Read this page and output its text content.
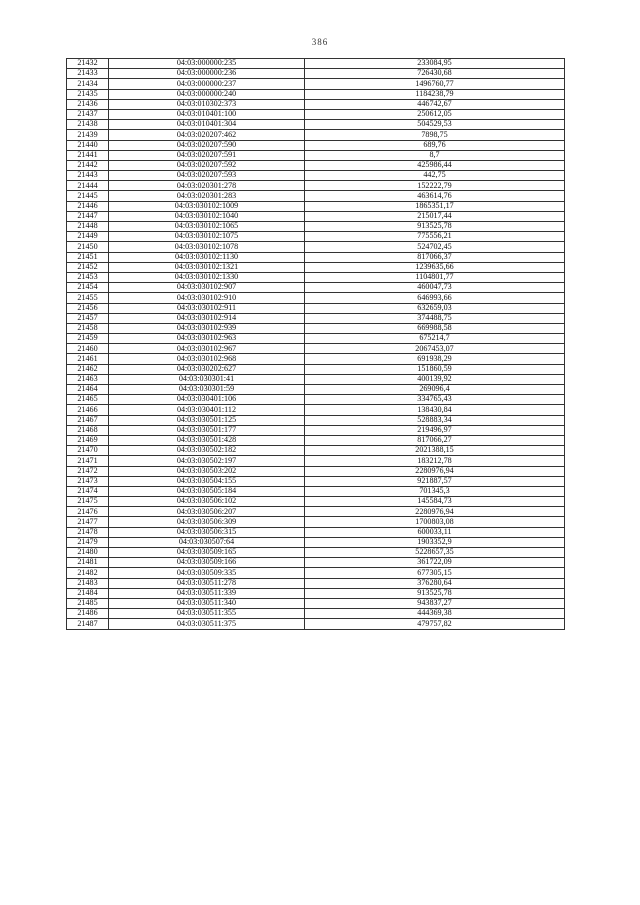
386
21432	04:03:000000:235	233084,95
21433	04:03:000000:236	726430,68
21434	04:03:000000:237	1496760,77
21435	04:03:000000:240	1184238,79
21436	04:03:010302:373	446742,67
21437	04:03:010401:100	250612,05
21438	04:03:010401:304	504529,53
21439	04:03:020207:462	7898,75
21440	04:03:020207:590	689,76
21441	04:03:020207:591	8,7
21442	04:03:020207:592	425986,44
21443	04:03:020207:593	442,75
21444	04:03:020301:278	152222,79
21445	04:03:020301:283	463614,76
21446	04:03:030102:1009	1865351,17
21447	04:03:030102:1040	215017,44
21448	04:03:030102:1065	913525,78
21449	04:03:030102:1075	775556,21
21450	04:03:030102:1078	524702,45
21451	04:03:030102:1130	817066,37
21452	04:03:030102:1321	1239635,66
21453	04:03:030102:1330	1104801,77
21454	04:03:030102:907	460047,73
21455	04:03:030102:910	646993,66
21456	04:03:030102:911	632659,03
21457	04:03:030102:914	374488,75
21458	04:03:030102:939	669988,58
21459	04:03:030102:963	675214,7
21460	04:03:030102:967	2067453,07
21461	04:03:030102:968	691938,29
21462	04:03:030202:627	151860,59
21463	04:03:030301:41	400139,92
21464	04:03:030301:59	269096,4
21465	04:03:030401:106	334765,43
21466	04:03:030401:112	138430,84
21467	04:03:030501:125	528883,34
21468	04:03:030501:177	219496,97
21469	04:03:030501:428	817066,27
21470	04:03:030502:182	2021388,15
21471	04:03:030502:197	183212,78
21472	04:03:030503:202	2280976,94
21473	04:03:030504:155	921887,57
21474	04:03:030505:184	701345,3
21475	04:03:030506:102	145584,73
21476	04:03:030506:207	2280976,94
21477	04:03:030506:309	1700803,08
21478	04:03:030506:315	600033,11
21479	04:03:030507:64	1903352,9
21480	04:03:030509:165	5228657,35
21481	04:03:030509:166	361722,09
21482	04:03:030509:335	677305,15
21483	04:03:030511:278	376280,64
21484	04:03:030511:339	913525,78
21485	04:03:030511:340	943837,27
21486	04:03:030511:355	444369,38
21487	04:03:030511:375	479757,82
